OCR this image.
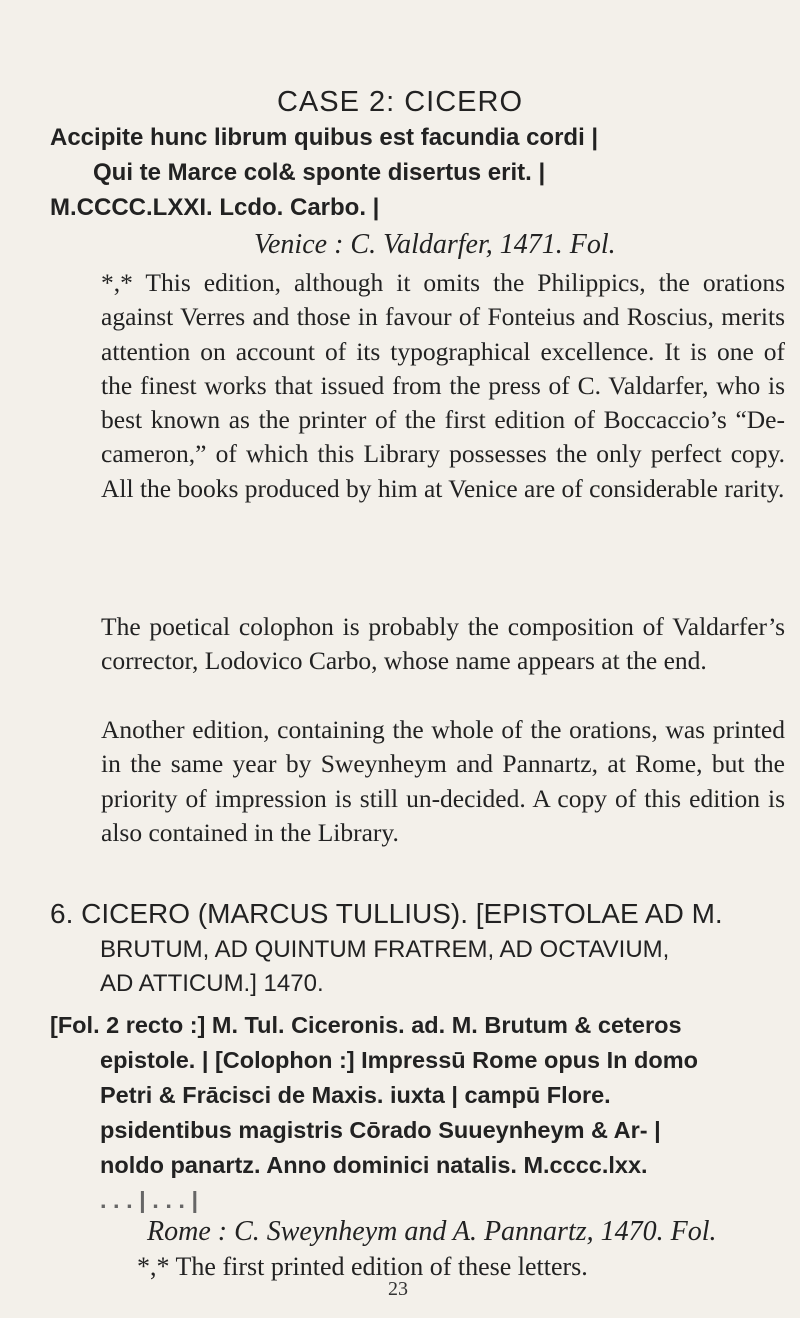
CASE 2: CICERO
Accipite hunc librum quibus est facundia cordi |
Qui te Marce col& sponte disertus erit. |
M.CCCC.LXXI. Lcdo. Carbo. |
Venice : C. Valdarfer, 1471. Fol.
*,* This edition, although it omits the Philippics, the orations against Verres and those in favour of Fonteius and Roscius, merits attention on account of its typographical excellence. It is one of the finest works that issued from the press of C. Valdarfer, who is best known as the printer of the first edition of Boccaccio’s “De-cameron,” of which this Library possesses the only perfect copy. All the books produced by him at Venice are of considerable rarity.
The poetical colophon is probably the composition of Valdarfer’s corrector, Lodovico Carbo, whose name appears at the end.
Another edition, containing the whole of the orations, was printed in the same year by Sweynheym and Pannartz, at Rome, but the priority of impression is still un-decided. A copy of this edition is also contained in the Library.
6. CICERO (MARCUS TULLIUS). [EPISTOLAE AD M.
BRUTUM, AD QUINTUM FRATREM, AD OCTAVIUM,
AD ATTICUM.] 1470.
[Fol. 2 recto :] M. Tul. Ciceronis. ad. M. Brutum & ceteros
epistole. | [Colophon :] Impressū Rome opus In domo
Petri & Frācisci de Maxis. iuxta | campū Flore.
psidentibus magistris Cōrado Suueynheym & Ar- |
noldo panartz. Anno dominici natalis. M.cccc.lxx.
. . . | . . . |
Rome : C. Sweynheym and A. Pannartz, 1470. Fol.
*,* The first printed edition of these letters.
23
